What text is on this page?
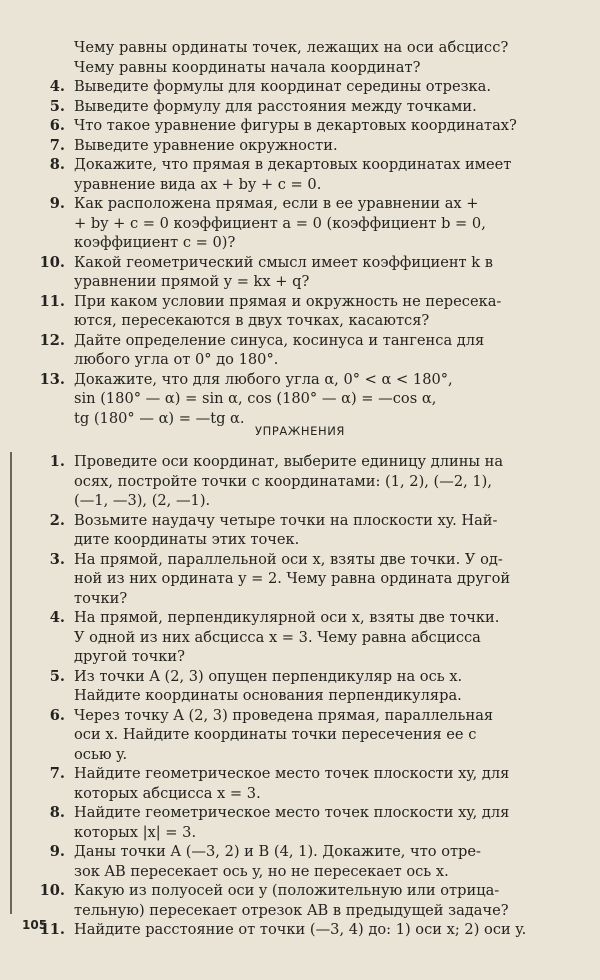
Чему равны ординаты точек, лежащих на оси абсцисс?
Чему равны координаты начала координат?
4. Выведите формулы для координат середины отрезка.
5. Выведите формулу для расстояния между точками.
6. Что такое уравнение фигуры в декартовых координатах?
7. Выведите уравнение окружности.
8. Докажите, что прямая в декартовых координатах имеет
уравнение вида ax + by + c = 0.
9. Как расположена прямая, если в ее уравнении ax +
+ by + c = 0 коэффициент a = 0 (коэффициент b = 0,
коэффициент c = 0)?
10. Какой геометрический смысл имеет коэффициент k в
уравнении прямой y = kx + q?
11. При каком условии прямая и окружность не пересека-
ются, пересекаются в двух точках, касаются?
12. Дайте определение синуса, косинуса и тангенса для
любого угла от 0° до 180°.
13. Докажите, что для любого угла α, 0° < α < 180°,
sin (180° — α) = sin α, cos (180° — α) = —cos α,
tg (180° — α) = —tg α.
УПРАЖНЕНИЯ
1. Проведите оси координат, выберите единицу длины на
осях, постройте точки с координатами: (1, 2), (—2, 1),
(—1, —3), (2, —1).
2. Возьмите наудачу четыре точки на плоскости xy. Най-
дите координаты этих точек.
3. На прямой, параллельной оси x, взяты две точки. У од-
ной из них ордината y = 2. Чему равна ордината другой
точки?
4. На прямой, перпендикулярной оси x, взяты две точки.
У одной из них абсцисса x = 3. Чему равна абсцисса
другой точки?
5. Из точки A (2, 3) опущен перпендикуляр на ось x.
Найдите координаты основания перпендикуляра.
6. Через точку A (2, 3) проведена прямая, параллельная
оси x. Найдите координаты точки пересечения ее с
осью y.
7. Найдите геометрическое место точек плоскости xy, для
которых абсцисса x = 3.
8. Найдите геометрическое место точек плоскости xy, для
которых |x| = 3.
9. Даны точки A (—3, 2) и B (4, 1). Докажите, что отре-
зок AB пересекает ось y, но не пересекает ось x.
10. Какую из полуосей оси y (положительную или отрица-
тельную) пересекает отрезок AB в предыдущей задаче?
11. Найдите расстояние от точки (—3, 4) до: 1) оси x; 2) оси y.
105
